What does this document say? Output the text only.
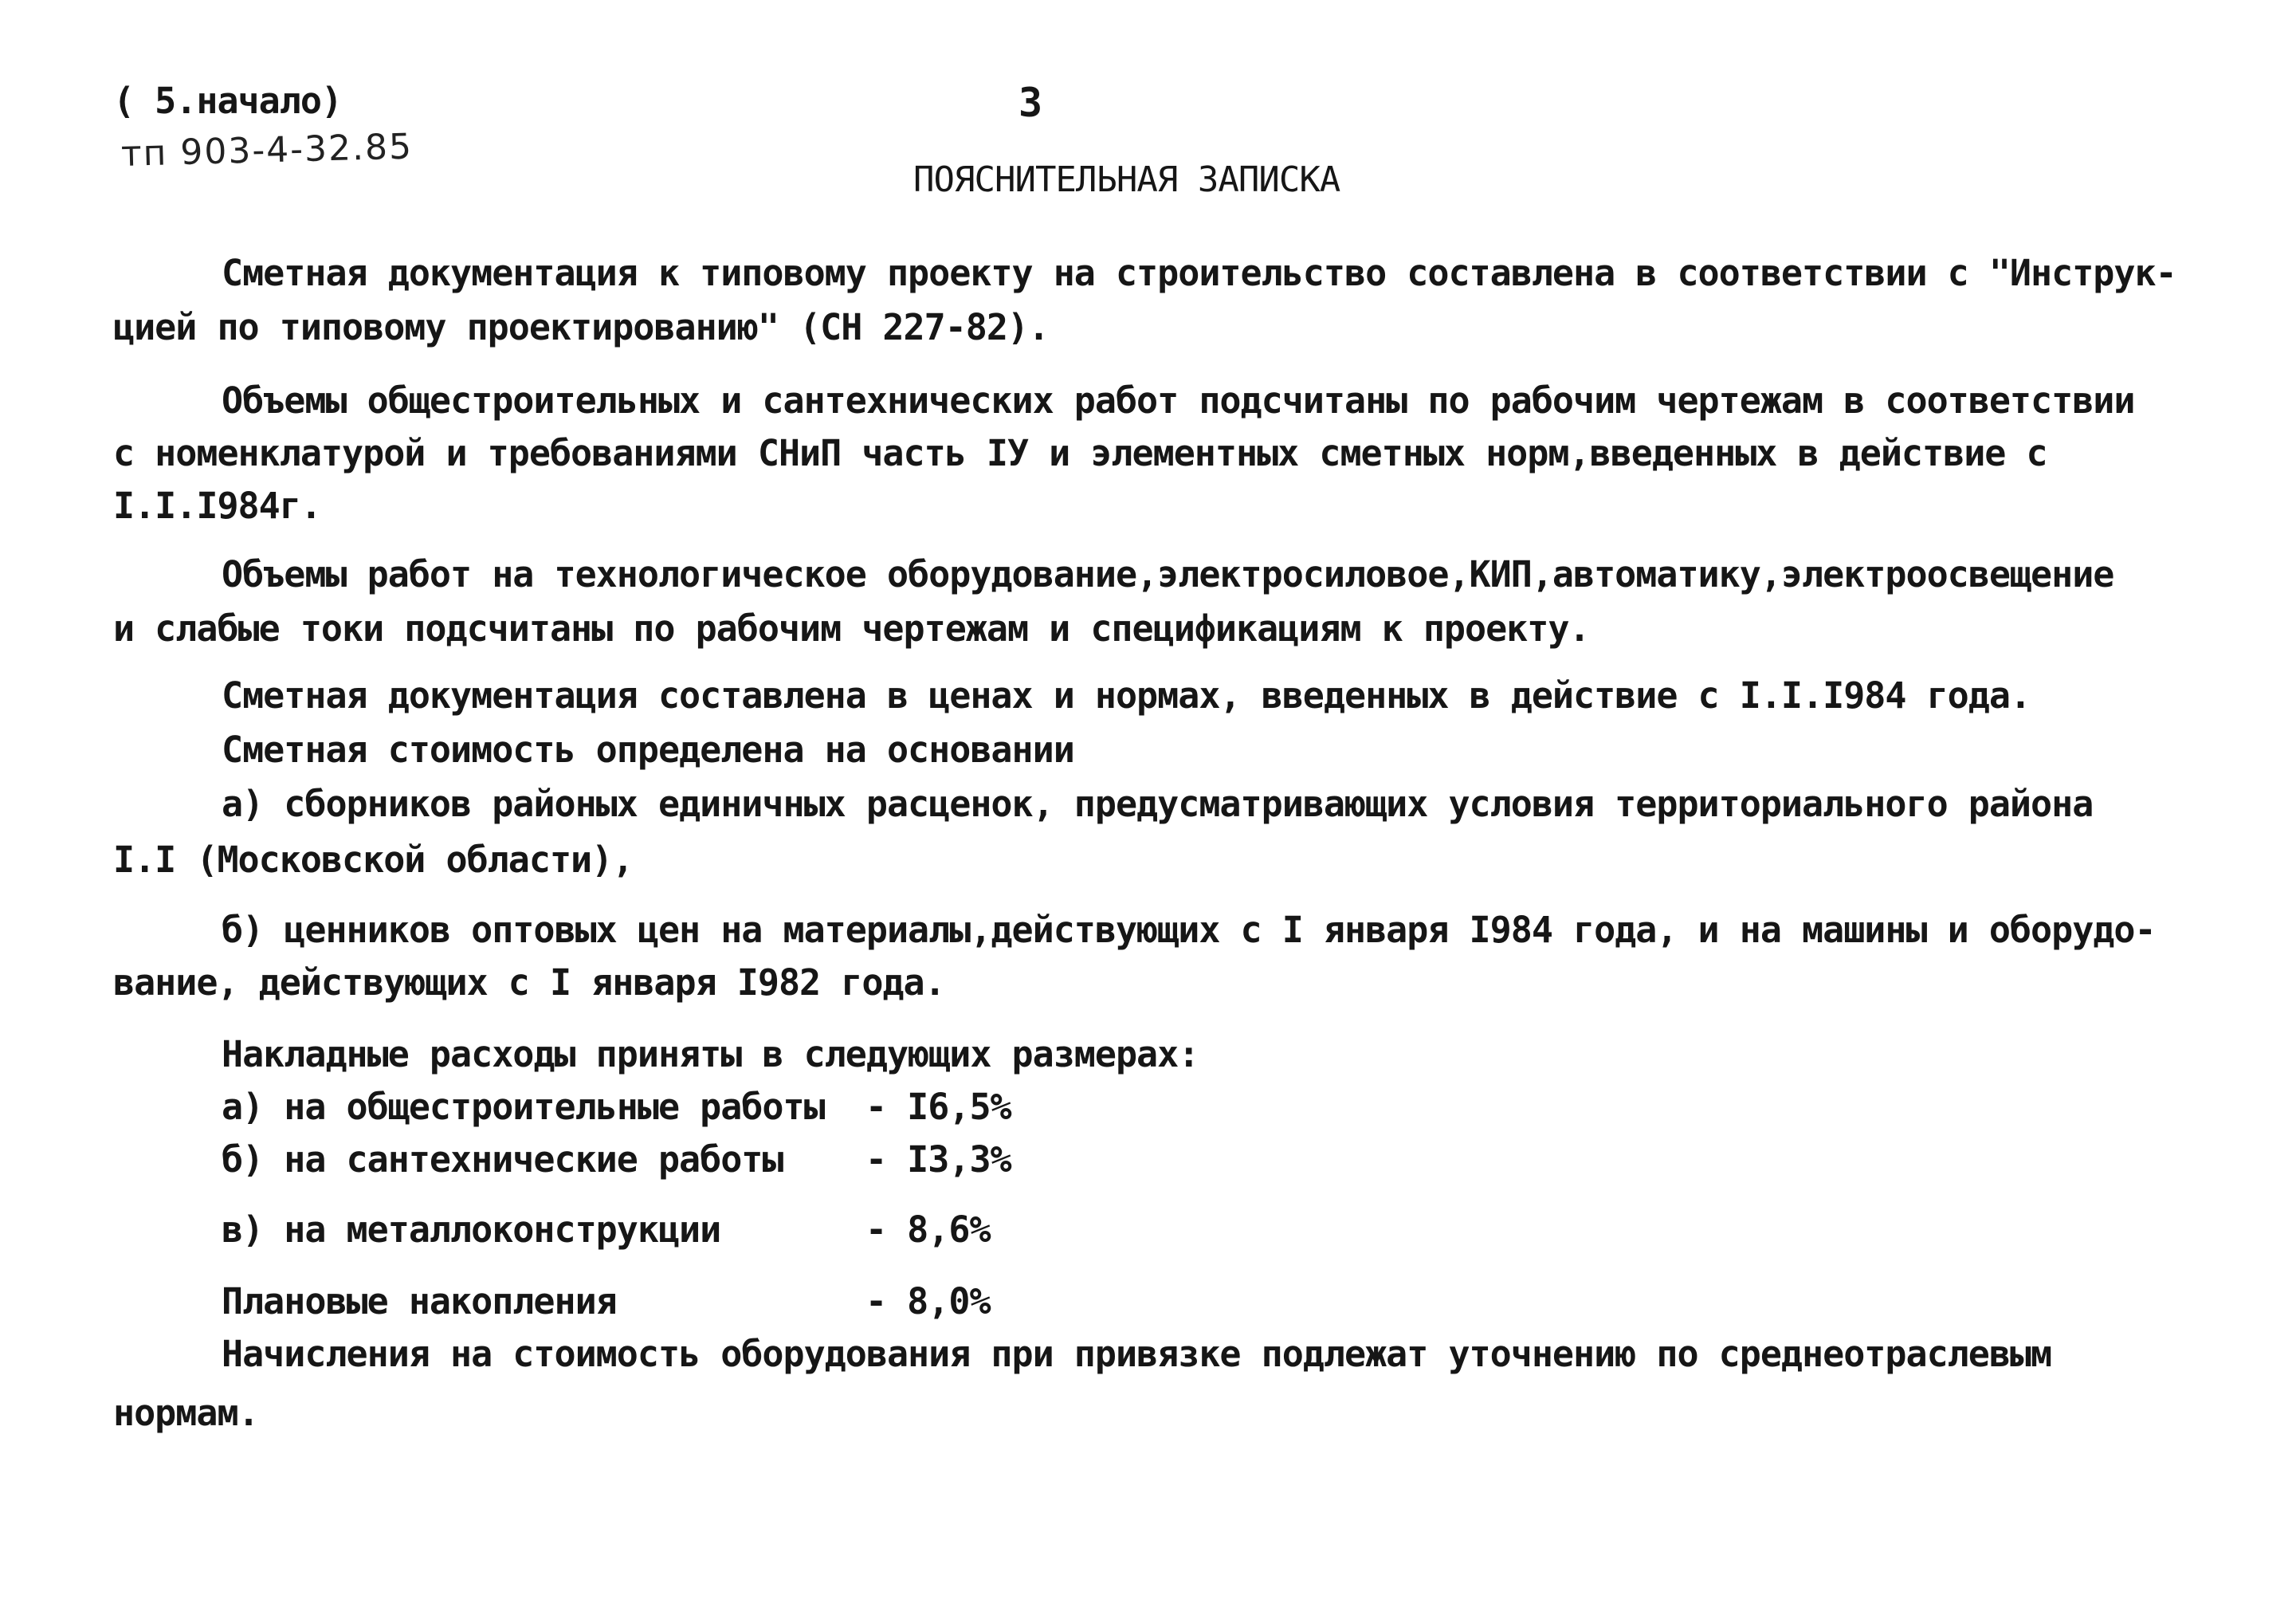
( 5.начало)
тп 903-4-32.85
3
ПОЯСНИТЕЛЬНАЯ ЗАПИСКА
Сметная документация к типовому проекту на строительство составлена в соответствии с "Инструк-
цией по типовому проектированию" (СН 227-82).
Объемы общестроительных и сантехнических работ подсчитаны по рабочим чертежам в соответствии
с номенклатурой и требованиями СНиП часть IУ и элементных сметных норм,введенных в действие с
I.I.I984г.
Объемы работ на технологическое оборудование,электросиловое,КИП,автоматику,электроосвещение
и слабые токи подсчитаны по рабочим чертежам и спецификациям к проекту.
Сметная документация составлена в ценах и нормах, введенных в действие с I.I.I984 года.
Сметная стоимость определена на основании
а) сборников районых единичных расценок, предусматривающих условия территориального района
I.I (Московской области),
б) ценников оптовых цен на материалы,действующих с I января I984 года, и на машины и оборудо-
вание, действующих с I января I982 года.
Накладные расходы приняты в следующих размерах:
а) на общестроительные работы - I6,5%
б) на сантехнические работы - I3,3%
в) на металлоконструкции	- 8,6%
Плановые накопления	- 8,0%
Начисления на стоимость оборудования при привязке подлежат уточнению по среднеотраслевым
нормам.
